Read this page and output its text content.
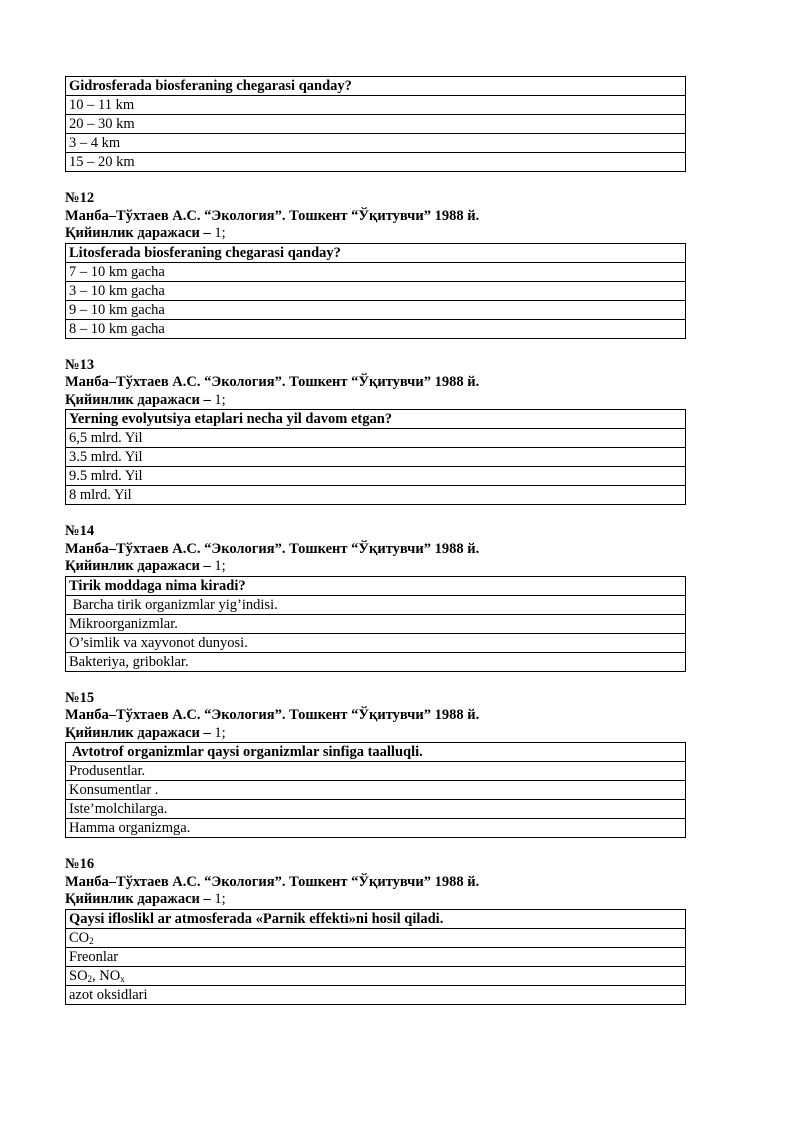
Gidrosferada biosferaning chegarasi qanday?
10 – 11 km
20 – 30 km
3 – 4 km
15 – 20 km
№12
Манба–Тўхтаев А.С. “Экология”. Тошкент “Ўқитувчи” 1988 й.
Қийинлик даражаси – 1;
Litosferada biosferaning chegarasi qanday?
7 – 10 km gacha
3 – 10 km gacha
9 – 10 km gacha
8 – 10 km gacha
№13
Манба–Тўхтаев А.С. “Экология”. Тошкент “Ўқитувчи” 1988 й.
Қийинлик даражаси – 1;
Yerning evolyutsiya etaplari necha yil davom etgan?
6,5 mlrd. Yil
3.5 mlrd. Yil
9.5 mlrd. Yil
8 mlrd. Yil
№14
Манба–Тўхтаев А.С. “Экология”. Тошкент “Ўқитувчи” 1988 й.
Қийинлик даражаси – 1;
Tirik moddaga nima kiradi?
Barcha tirik organizmlar yig’indisi.
Mikroorganizmlar.
O’simlik va xayvonot dunyosi.
Bakteriya, griboklar.
№15
Манба–Тўхтаев А.С. “Экология”. Тошкент “Ўқитувчи” 1988 й.
Қийинлик даражаси – 1;
Avtotrof organizmlar qaysi organizmlar sinfiga taalluqli.
Produsentlar.
Konsumentlar .
Iste’molchilarga.
Hamma organizmga.
№16
Манба–Тўхтаев А.С. “Экология”. Тошкент “Ўқитувчи” 1988 й.
Қийинлик даражаси – 1;
Qaysi ifloslikl ar atmosferada «Parnik effekti»ni hosil qiladi.
$CO_2$
Freonlar
$SO_2$, $NO_x$
azot oksidlari
